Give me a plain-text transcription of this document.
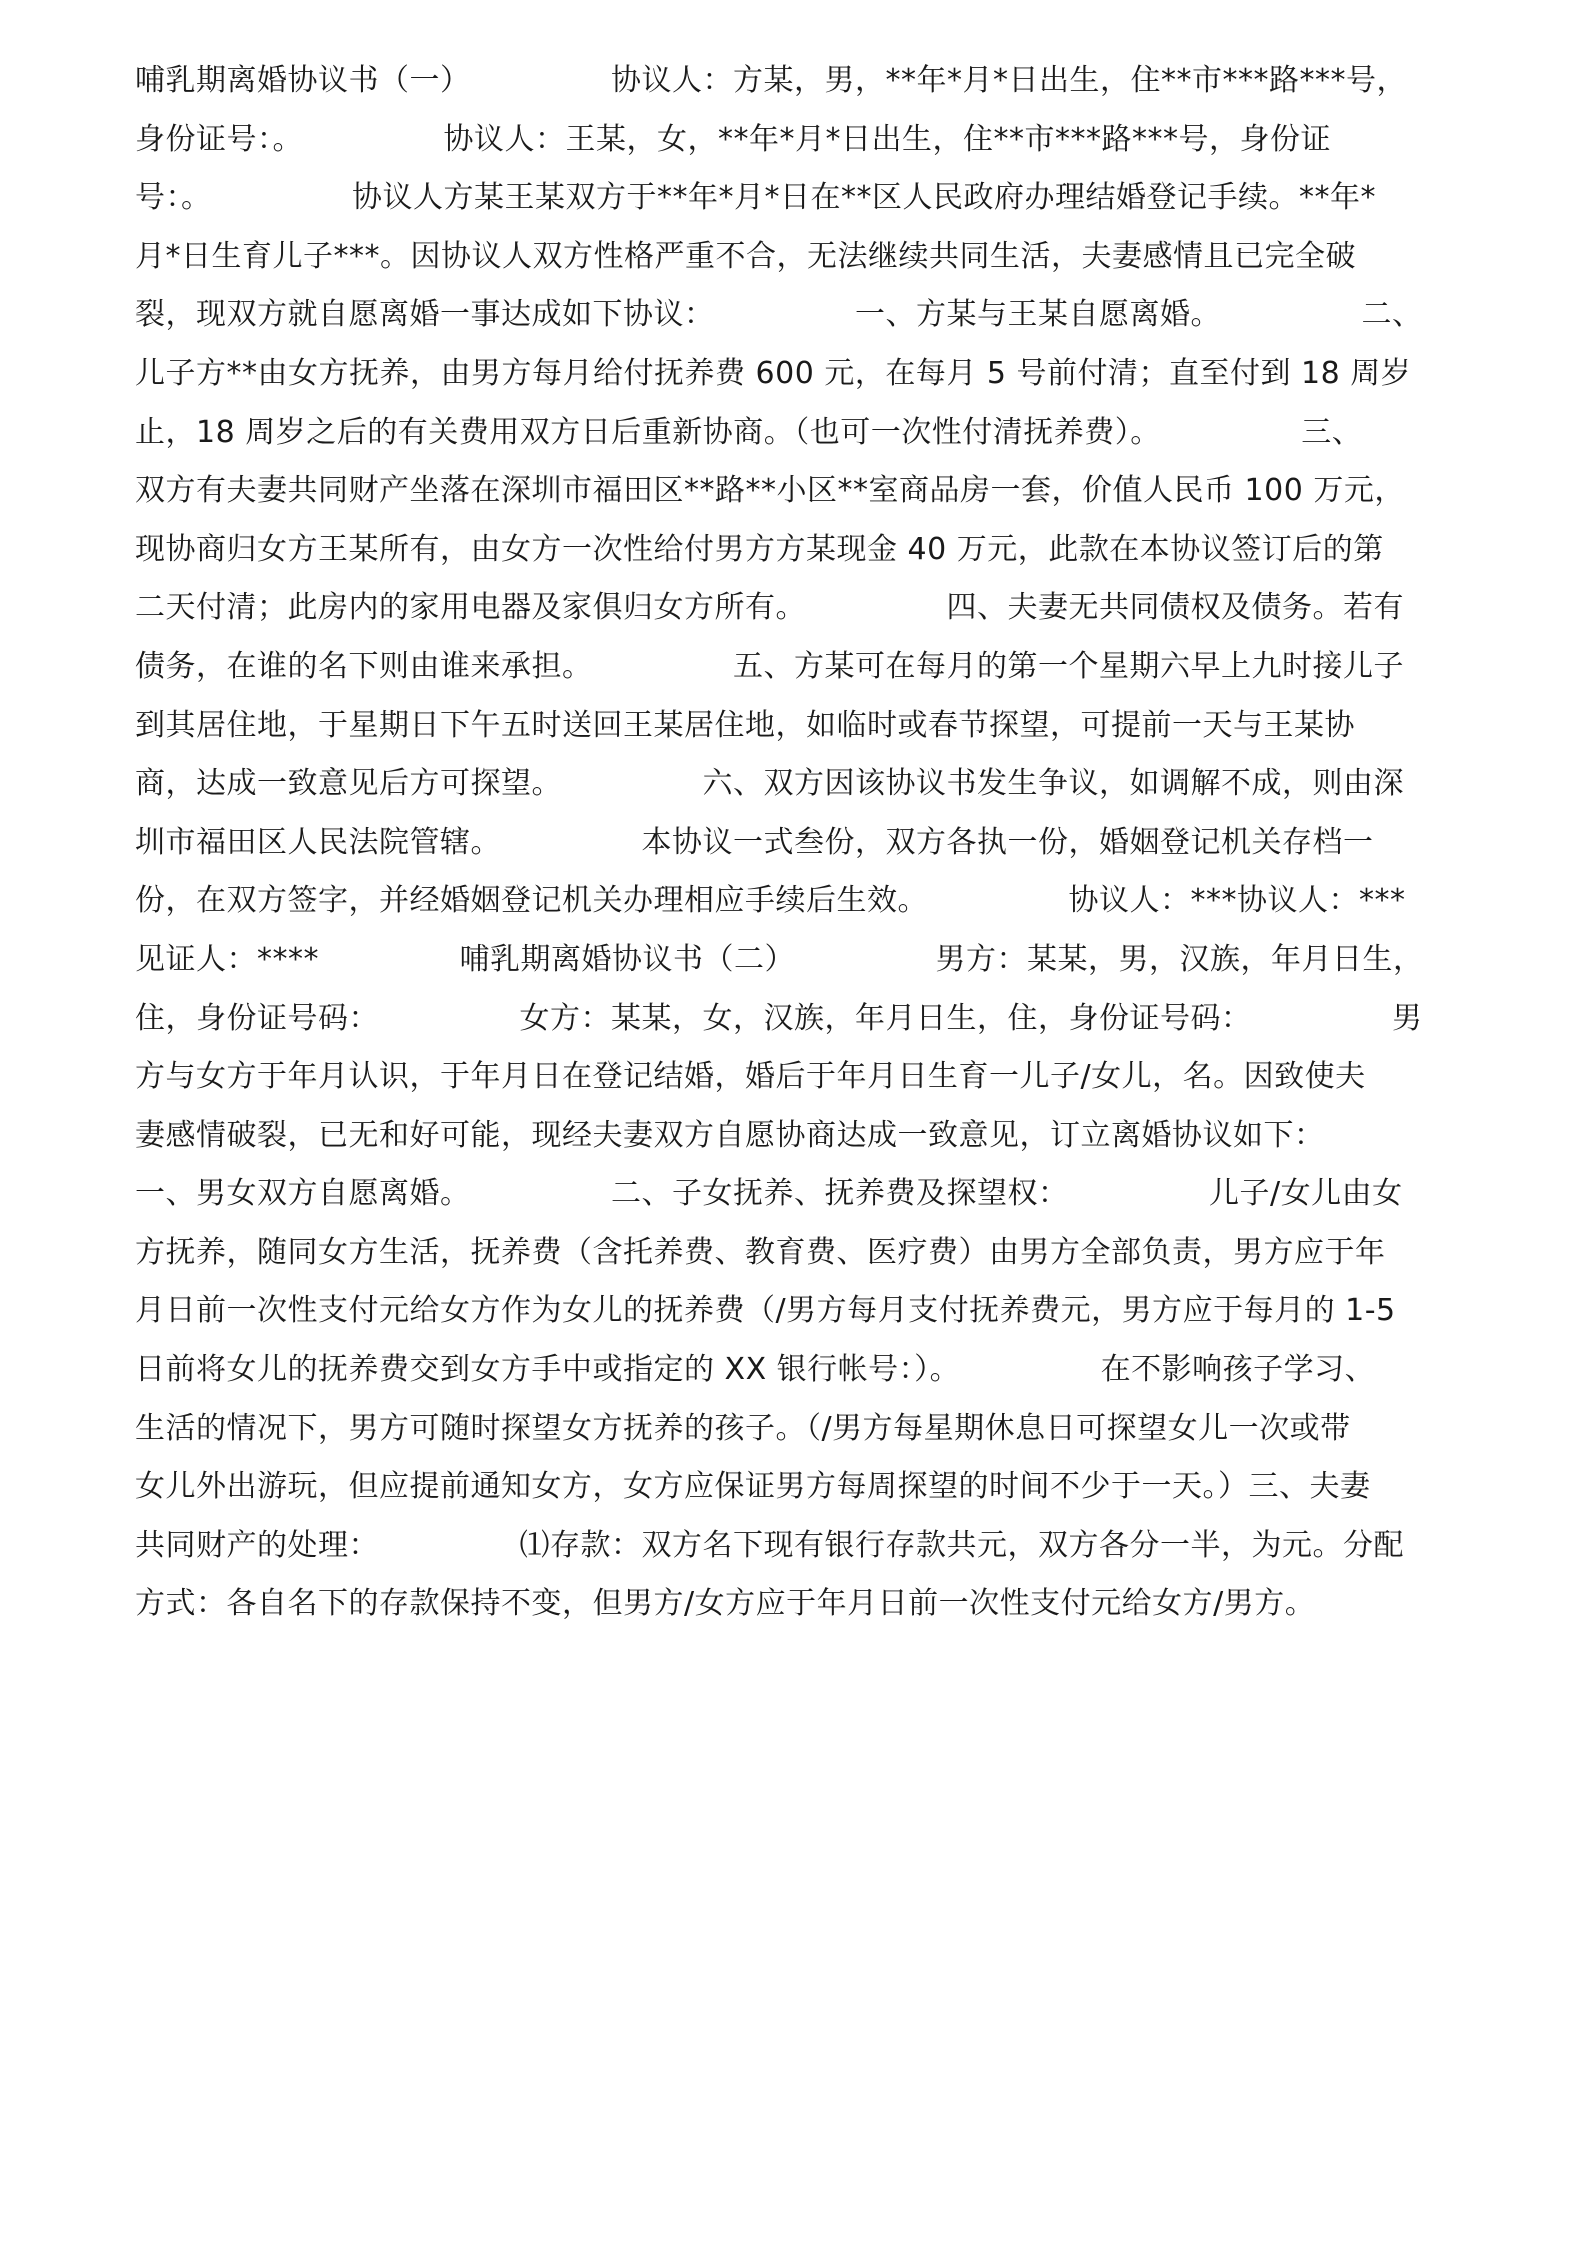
哺乳期离婚协议书（一）              协议人：方某，男，**年*月*日出生，住**市***路***号，
身份证号：。              协议人：王某，女，**年*月*日出生，住**市***路***号，身份证
号：。              协议人方某王某双方于**年*月*日在**区人民政府办理结婚登记手续。**年*
月*日生育儿子***。因协议人双方性格严重不合，无法继续共同生活，夫妻感情且已完全破
裂，现双方就自愿离婚一事达成如下协议：              一、方某与王某自愿离婚。              二、
儿子方**由女方抚养，由男方每月给付抚养费 600 元，在每月 5 号前付清；直至付到 18 周岁
止，18 周岁之后的有关费用双方日后重新协商。（也可一次性付清抚养费）。              三、
双方有夫妻共同财产坐落在深圳市福田区**路**小区**室商品房一套，价值人民币 100 万元，
现协商归女方王某所有，由女方一次性给付男方方某现金 40 万元，此款在本协议签订后的第
二天付清；此房内的家用电器及家俱归女方所有。              四、夫妻无共同债权及债务。若有
债务，在谁的名下则由谁来承担。              五、方某可在每月的第一个星期六早上九时接儿子
到其居住地，于星期日下午五时送回王某居住地，如临时或春节探望，可提前一天与王某协
商，达成一致意见后方可探望。              六、双方因该协议书发生争议，如调解不成，则由深
圳市福田区人民法院管辖。              本协议一式叁份，双方各执一份，婚姻登记机关存档一
份，在双方签字，并经婚姻登记机关办理相应手续后生效。              协议人：***协议人：***
见证人：****              哺乳期离婚协议书（二）              男方：某某，男，汉族，年月日生，
住，身份证号码：              女方：某某，女，汉族，年月日生，住，身份证号码：              男
方与女方于年月认识，于年月日在登记结婚，婚后于年月日生育一儿子/女儿，名。因致使夫
妻感情破裂，已无和好可能，现经夫妻双方自愿协商达成一致意见，订立离婚协议如下：
一、男女双方自愿离婚。              二、子女抚养、抚养费及探望权：              儿子/女儿由女
方抚养，随同女方生活，抚养费（含托养费、教育费、医疗费）由男方全部负责，男方应于年
月日前一次性支付元给女方作为女儿的抚养费（/男方每月支付抚养费元，男方应于每月的 1-5
日前将女儿的抚养费交到女方手中或指定的 XX 银行帐号：）。              在不影响孩子学习、
生活的情况下，男方可随时探望女方抚养的孩子。（/男方每星期休息日可探望女儿一次或带
女儿外出游玩，但应提前通知女方，女方应保证男方每周探望的时间不少于一天。）三、夫妻
共同财产的处理：              ⑴存款：双方名下现有银行存款共元，双方各分一半，为元。分配
方式：各自名下的存款保持不变，但男方/女方应于年月日前一次性支付元给女方/男方。
